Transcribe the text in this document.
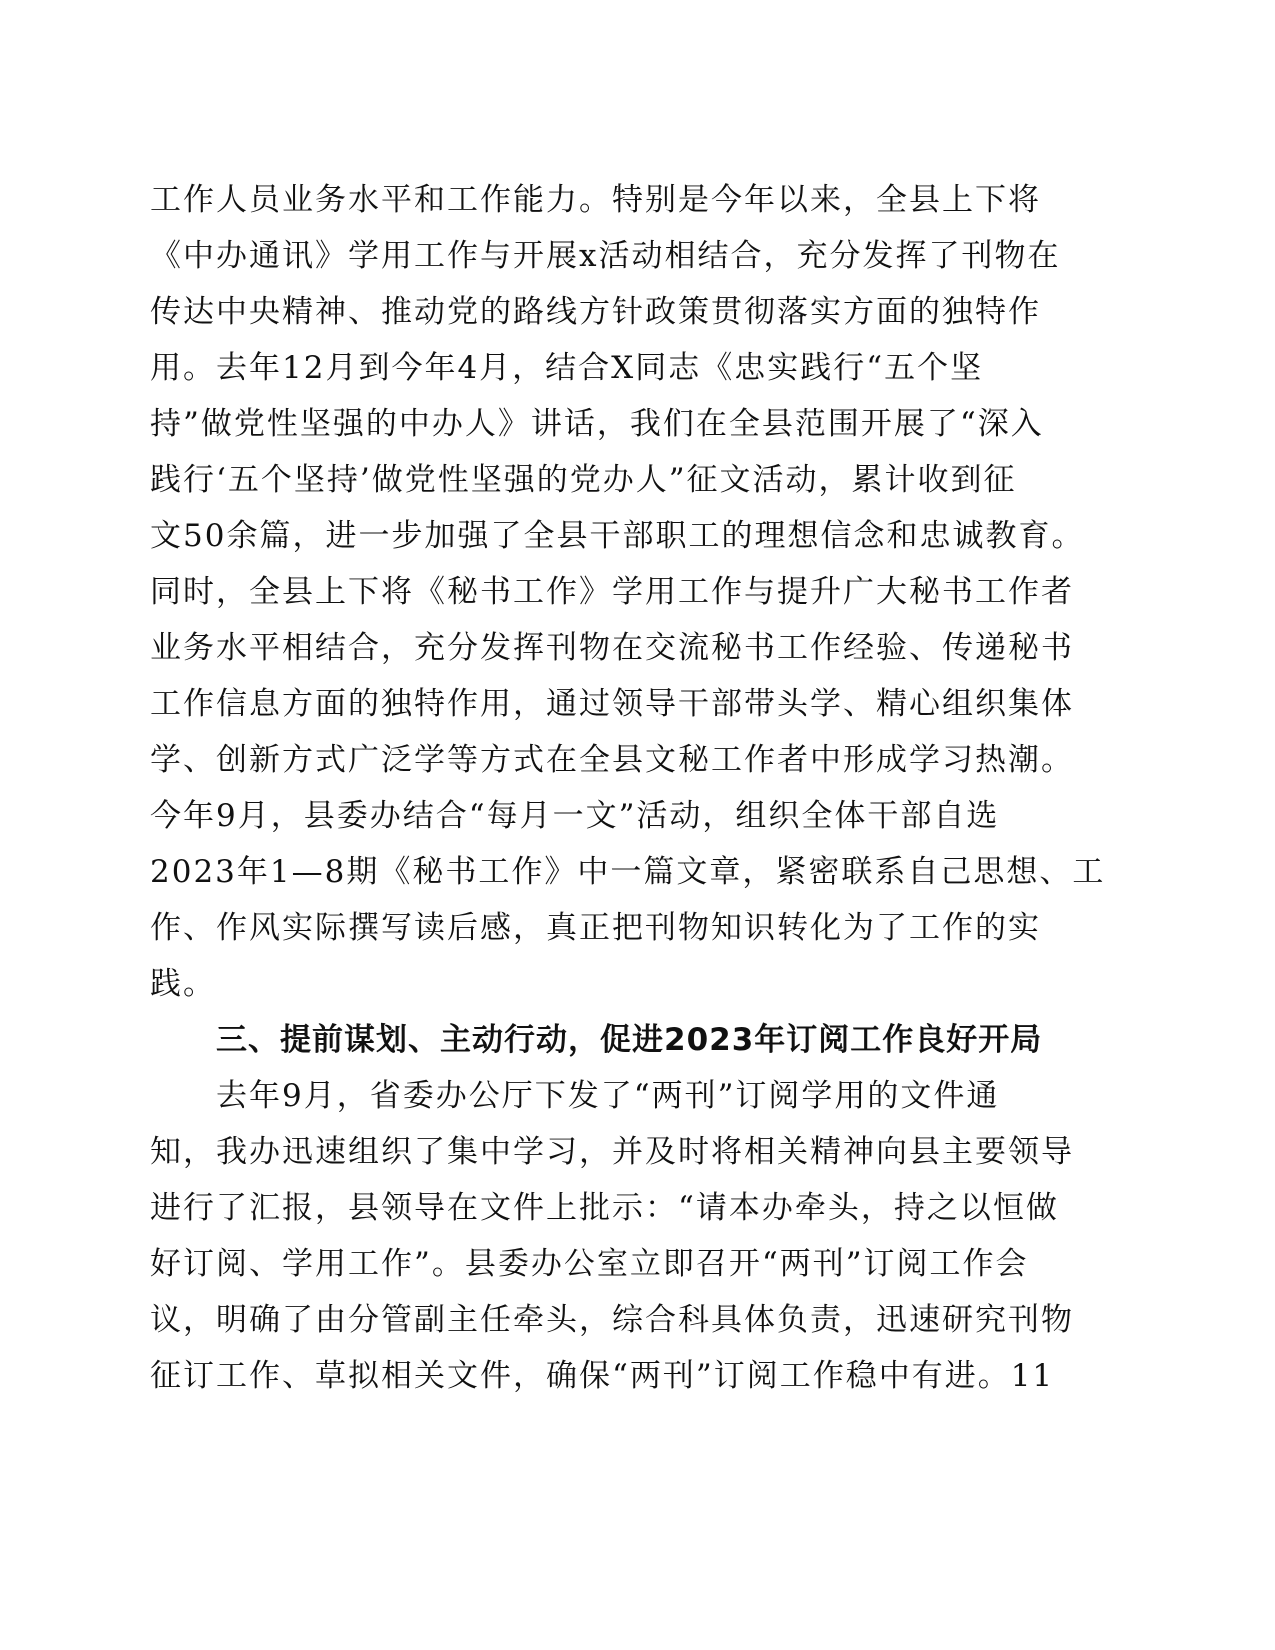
工作人员业务水平和工作能力。特别是今年以来，全县上下将
《中办通讯》学用工作与开展x活动相结合，充分发挥了刊物在
传达中央精神、推动党的路线方针政策贯彻落实方面的独特作
用。去年12月到今年4月，结合X同志《忠实践行“五个坚
持”做党性坚强的中办人》讲话，我们在全县范围开展了“深入
践行‘五个坚持’做党性坚强的党办人”征文活动，累计收到征
文50余篇，进一步加强了全县干部职工的理想信念和忠诚教育。
同时，全县上下将《秘书工作》学用工作与提升广大秘书工作者
业务水平相结合，充分发挥刊物在交流秘书工作经验、传递秘书
工作信息方面的独特作用，通过领导干部带头学、精心组织集体
学、创新方式广泛学等方式在全县文秘工作者中形成学习热潮。
今年9月，县委办结合“每月一文”活动，组织全体干部自选
2023年1—8期《秘书工作》中一篇文章，紧密联系自己思想、工
作、作风实际撰写读后感，真正把刊物知识转化为了工作的实
践。
三、提前谋划、主动行动，促进2023年订阅工作良好开局
去年9月，省委办公厅下发了“两刊”订阅学用的文件通
知，我办迅速组织了集中学习，并及时将相关精神向县主要领导
进行了汇报，县领导在文件上批示：“请本办牵头，持之以恒做
好订阅、学用工作”。县委办公室立即召开“两刊”订阅工作会
议，明确了由分管副主任牵头，综合科具体负责，迅速研究刊物
征订工作、草拟相关文件，确保“两刊”订阅工作稳中有进。11
